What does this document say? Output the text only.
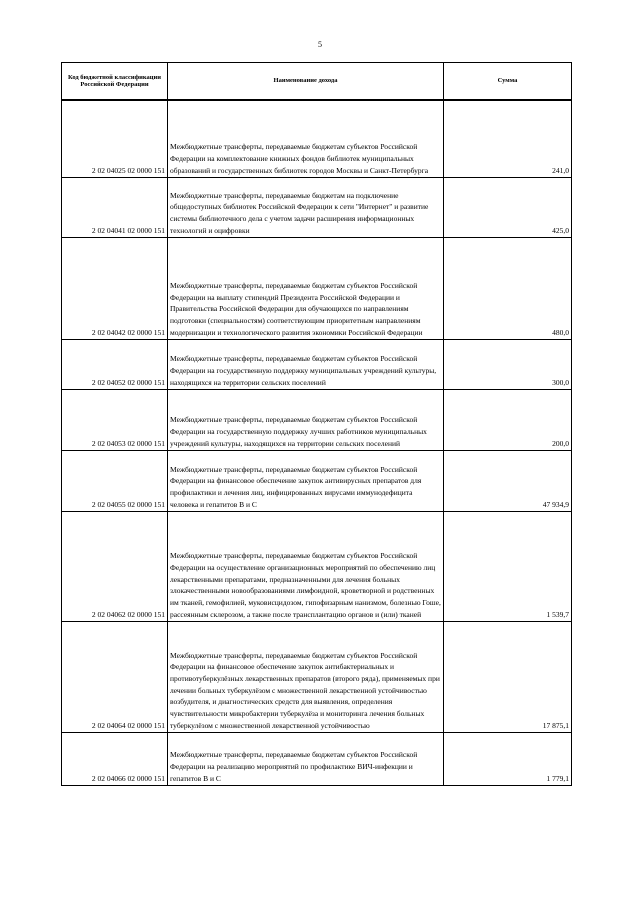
5
Код бюджетной классификации Российской Федерации	Наименование дохода	Сумма
2 02 04025 02 0000 151	Межбюджетные трансферты, передаваемые бюджетам субъектов Российской Федерации на комплектование книжных фондов библиотек муниципальных образований и государственных библиотек городов Москвы и Санкт-Петербурга	241,0
2 02 04041 02 0000 151	Межбюджетные трансферты, передаваемые бюджетам на подключение общедоступных библиотек Российской Федерации к сети "Интернет" и развитие системы библиотечного дела с учетом задачи расширения информационных технологий и оцифровки	425,0
2 02 04042 02 0000 151	Межбюджетные трансферты, передаваемые бюджетам субъектов Российской Федерации на выплату стипендий Президента Российской Федерации и Правительства Российской Федерации для обучающихся по направлениям подготовки (специальностям) соответствующим приоритетным направлениям модернизации и технологического развития экономики Российской Федерации	480,0
2 02 04052 02 0000 151	Межбюджетные трансферты, передаваемые бюджетам субъектов Российской Федерации на государственную поддержку муниципальных учреждений культуры, находящихся на территории сельских поселений	300,0
2 02 04053 02 0000 151	Межбюджетные трансферты, передаваемые бюджетам субъектов Российской Федерации на государственную поддержку лучших работников муниципальных учреждений культуры, находящихся на территории сельских поселений	200,0
2 02 04055 02 0000 151	Межбюджетные трансферты, передаваемые бюджетам субъектов Российской Федерации на финансовое обеспечение закупок антивирусных препаратов для профилактики и лечения лиц, инфицированных вирусами иммунодефицита человека и гепатитов В и С	47 934,9
2 02 04062 02 0000 151	Межбюджетные трансферты, передаваемые бюджетам субъектов Российской Федерации на осуществление организационных мероприятий по обеспечению лиц лекарственными препаратами, предназначенными для лечения больных злокачественными новообразованиями лимфоидной, кроветворной и родственных им тканей, гемофилией, муковисцидозом, гипофизарным нанизмом, болезнью Гоше, рассеянным склерозом, а также после трансплантацию органов и (или) тканей	1 539,7
2 02 04064 02 0000 151	Межбюджетные трансферты, передаваемые бюджетам субъектов Российской Федерации на финансовое обеспечение закупок антибактериальных и противотуберкулёзных лекарственных препаратов (второго ряда), применяемых при лечении больных туберкулёзом с множественной лекарственной устойчивостью возбудителя, и диагностических средств для выявления, определения чувствительности микробактерии туберкулёза и мониторинга лечения больных туберкулёзом с множественной лекарственной устойчивостью	17 875,1
2 02 04066 02 0000 151	Межбюджетные трансферты, передаваемые бюджетам субъектов Российской Федерации на реализацию мероприятий по профилактике ВИЧ-инфекции и гепатитов В и С	1 779,1
